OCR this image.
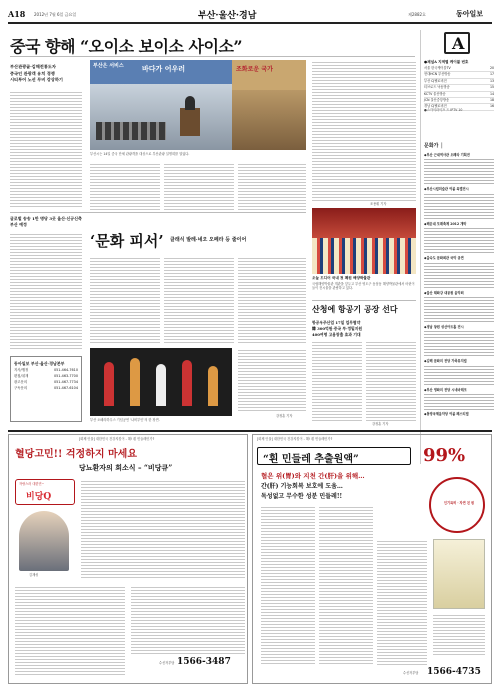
A18 2012년 7월 6일 금요일	부산·울산·경남	제2882호	동아일보
중국 향해 “오이소 보이소 사이소”
부산관광골·김해전통도자
중국인 관광객 유치 경쟁
시티투어 노선 무비 강상하기
부산은 서비스	바다가 어우러	조화로운 국가
부산시는 14일 중국 단체 관광객을 대상으로 부산관광 설명회를 열었다.
조용휘 기자
A
●채널A 지역별 케이블 번호
서울 한국케이블TV	20
현대HCN 부산방송	17
부산 CJ헬로비전	13
티브로드 낙동방송	15
KCTV 울산방송	14
JCN 울산중앙방송	18
경남 CJ헬로비전	16
●스카이라이프 드 IPTV 10
문화가 │
◆부산 근대역사관 오페라 기획전
◆부산시립미술관 여름 특별전시
◆해운대 모래축제 2012 개막
◆을숙도 문화회관 국악 공연
◆울산 태화강 대공원 음악회
◆경남 창원 성산아트홀 전시
◆김해 문화의 전당 가족뮤지컬
◆부산 영화의 전당 시네마테크
◆통영국제음악당 여름 페스티벌
오늘 드디어 국내 첫 폐원 해양박물관
국립해양박물관 개관을 앞두고 부산 영도구 동삼동 해양박물관에서 어린이들이 전시물을 관람하고 있다.
글로벌 송송 1만 명당 3곳 울산·신규신축 부산 예정
동아일보 부산·울산·경남본부
지사/행정	051-464-7610
편집/취재	051-463-7700
광고문의	051-467-7734
구독문의	051-467-6104
‘문화 피서’ 클래식 발레·네오 오페라 등 줄이어
부산 오페라하우스 기념공연 ‘나비부인’의 한 장면.
강정훈 기자
산청에 항공기 공장 선다
항공우주산업 17일 업무협약
韓 300억원·중국 부·정밀지원
400여명 고용창출 효과 기대
강정훈 기자
[화제 인물] 대한민국 건강지킴이 - 해! 흰 민들레인가?
혈당고민!! 걱정하지 마세요
당뇨환자의 희소식 – “비당큐”
자랑스러 대한민~
비당Q
김재성
수신자부담 1566-3487
[화제 인물] 대한민국 건강지킴이 - 해! 흰 민들레인가?
“흰 민들레 추출원액”	99%
혈은 위(胃)와 지천 간(肝)을 위해…
간(肝) 기능회복 보호에 도움…
독성없고 무수한 성분 민들레!!
인기특허 · 자연 친 원
수신자부담 1566-4735
